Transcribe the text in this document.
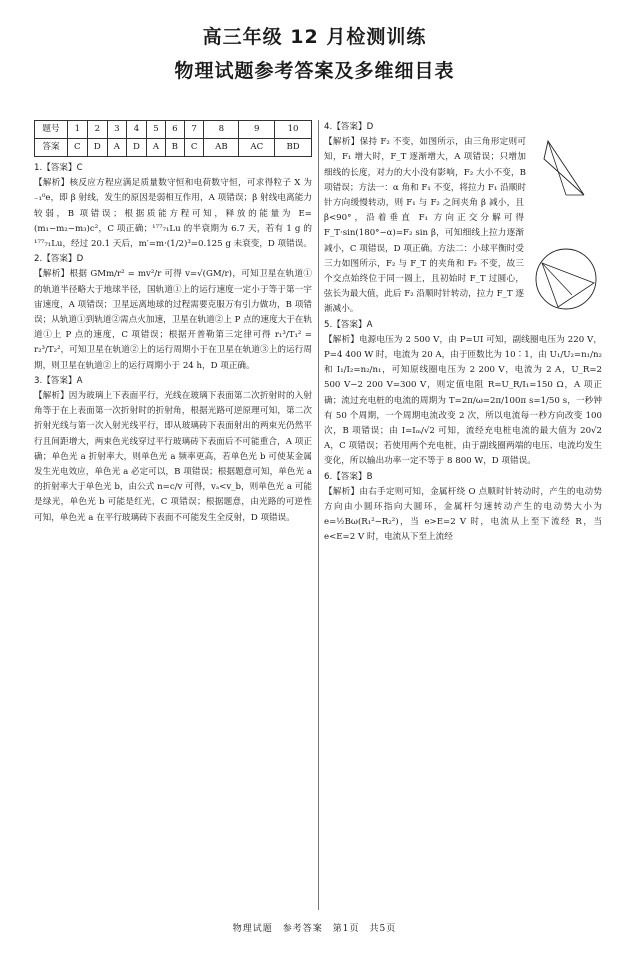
高三年级 12 月检测训练
物理试题参考答案及多维细目表
题号	1	2	3	4	5	6	7	8	9	10
答案	C	D	A	D	A	B	C	AB	AC	BD

1.【答案】C

【解析】核反应方程应满足质量数守恒和电荷数守恒，可求得粒子 X 为 ₋₁⁰e，即 β 射线，发生的原因是弱相互作用，A 项错误；β 射线电离能力较弱，B 项错误；根据质能方程可知，释放的能量为 E=(m₁−m₂−m₃)c²，C 项正确；¹⁷⁷₇₁Lu 的半衰期为 6.7 天，若有 1 g 的¹⁷⁷₇₁Lu，经过 20.1 天后，m′=m·(1/2)³=0.125 g 未衰变，D 项错误。

2.【答案】D

【解析】根据 GMm/r² = mv²/r 可得 v=√(GM/r)，可知卫星在轨道①的轨道半径略大于地球半径，国轨道①上的运行速度一定小于等于第一宇宙速度，A 项错误；卫星远离地球的过程需要克服万有引力做功，B 项错误；从轨道①到轨道②需点火加速，卫星在轨道②上 P 点的速度大于在轨道①上 P 点的速度，C 项错误；根据开普勒第三定律可得 r₁³/T₁² = r₂³/T₂²，可知卫星在轨道②上的运行周期小于在卫星在轨道③上的运行周期，则卫星在轨道②上的运行周期小于 24 h，D 项正确。

3.【答案】A

【解析】因为玻璃上下表面平行，光线在玻璃下表面第二次折射时的入射角等于在上表面第一次折射时的折射角，根据光路可逆原理可知，第二次折射光线与第一次入射光线平行，即从玻璃砖下表面射出的两束光仍然平行且间距增大，两束色光线穿过平行玻璃砖下表面后不可能重合，A 项正确；单色光 a 折射率大，则单色光 a 频率更高，若单色光 b 可使某金属发生光电效应，单色光 a 必定可以，B 项错误；根据题意可知，单色光 a 的折射率大于单色光 b，由公式 n=c/v 可得，vₐ<v_b，则单色光 a 可能是绿光，单色光 b 可能是红光，C 项错误；根据题意，由光路的可逆性可知，单色光 a 在平行玻璃砖下表面不可能发生全反射，D 项错误。

4.【答案】D

【解析】保持 F₂ 不变，如图所示，由三角形定则可知，F₁ 增大时，F_T 逐渐增大，A 项错误；只增加细线的长度，对力的大小没有影响，F₂ 大小不变，B 项错误；方法一：α 角和 F₁ 不变，将拉力 F₁ 沿顺时针方向缓慢转动，则 F₁ 与 F₂ 之间夹角 β 减小，且 β<90°，沿着垂直 F₁ 方向正交分解可得 F_T·sin(180°−α)=F₂ sin β，可知细线上拉力逐渐减小，C 项错误，D 项正确。方法二：小球平衡时受三力如图所示，F₂ 与 F_T 的夹角和 F₂ 不变，故三个交点始终位于同一圆上，且初始时 F_T 过圆心，弦长为最大值，此后 F₂ 沿顺时针转动，拉力 F_T 逐渐减小。

5.【答案】A

【解析】电源电压为 2 500 V，由 P=UI 可知，副线圈电压为 220 V，P=4 400 W 时，电流为 20 A，由于匝数比为 10∶1，由 U₁/U₂=n₁/n₂ 和 I₁/I₂=n₂/n₁，可知原线圈电压为 2 200 V，电流为 2 A，U_R=2 500 V−2 200 V=300 V，则定值电阻 R=U_R/I₁=150 Ω，A 项正确；流过充电桩的电流的周期为 T=2π/ω=2π/100π s=1/50 s，一秒钟有 50 个周期，一个周期电流改变 2 次，所以电流每一秒方向改变 100 次，B 项错误；由 I=Iₘ/√2 可知，流经充电桩电流的最大值为 20√2 A，C 项错误；若使用两个充电桩，由于副线圈两端的电压、电流均发生变化，所以输出功率一定不等于 8 800 W，D 项错误。

6.【答案】B

【解析】由右手定则可知，金属杆绕 O 点顺时针转动时，产生的电动势方向由小圆环指向大圆环，金属杆匀速转动产生的电动势大小为 e=½Bω(R₁²−R₂²)，当 e>E=2 V 时，电流从上至下流经 R，当 e<E=2 V 时，电流从下至上流经

物理试题　参考答案　第1页　共5页
